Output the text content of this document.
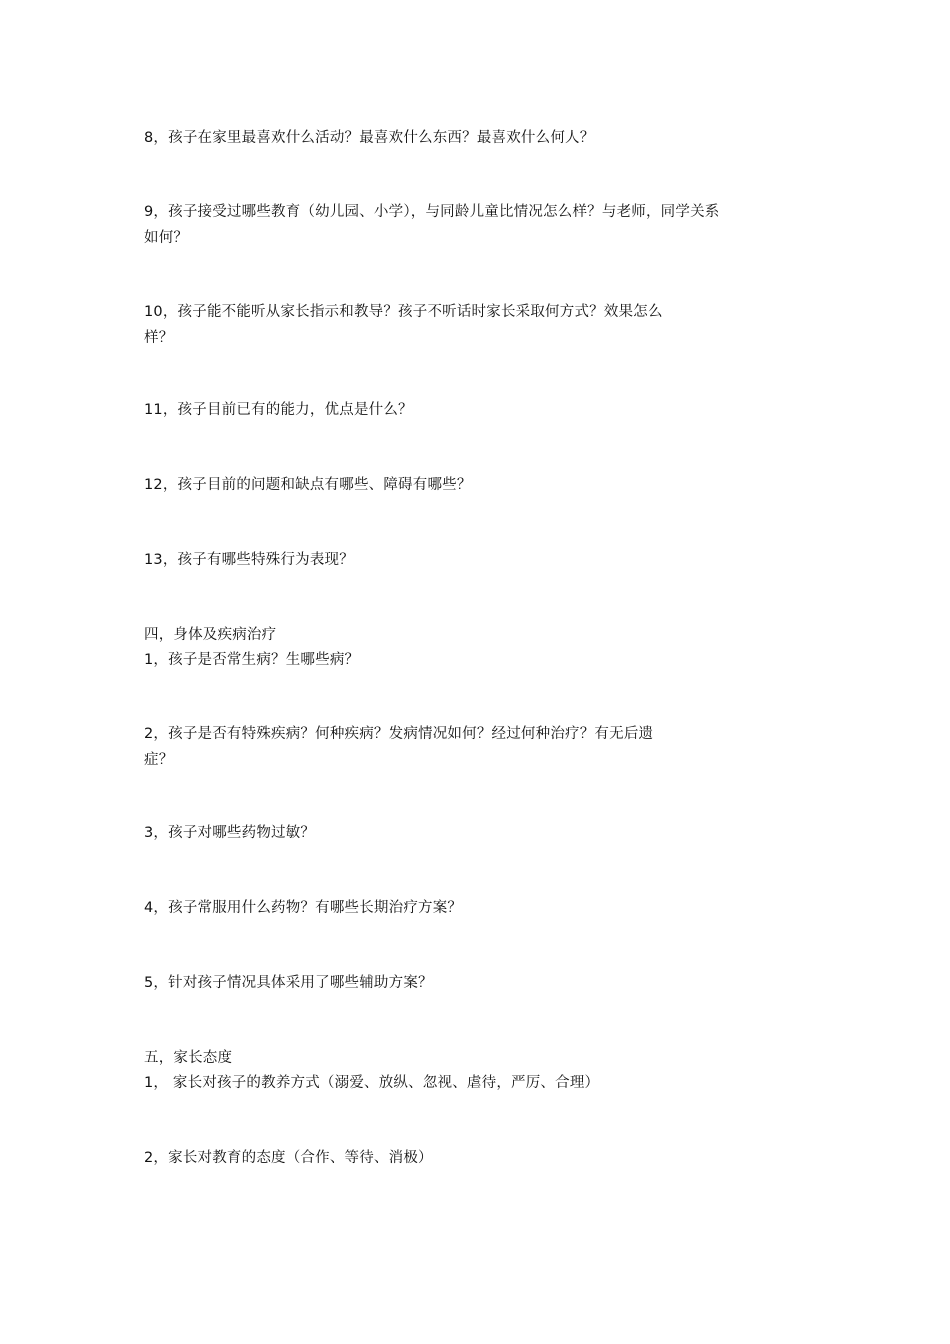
8，孩子在家里最喜欢什么活动？最喜欢什么东西？最喜欢什么何人？
9，孩子接受过哪些教育（幼儿园、小学），与同龄儿童比情况怎么样？与老师，同学关系
如何？
10，孩子能不能听从家长指示和教导？孩子不听话时家长采取何方式？效果怎么
样？
11，孩子目前已有的能力，优点是什么？
12，孩子目前的问题和缺点有哪些、障碍有哪些？
13，孩子有哪些特殊行为表现？
四，身体及疾病治疗
1，孩子是否常生病？生哪些病？
2，孩子是否有特殊疾病？何种疾病？发病情况如何？经过何种治疗？有无后遗
症？
3，孩子对哪些药物过敏？
4，孩子常服用什么药物？有哪些长期治疗方案？
5，针对孩子情况具体采用了哪些辅助方案？
五，家长态度
1， 家长对孩子的教养方式（溺爱、放纵、忽视、虐待，严厉、合理）
2，家长对教育的态度（合作、等待、消极）
